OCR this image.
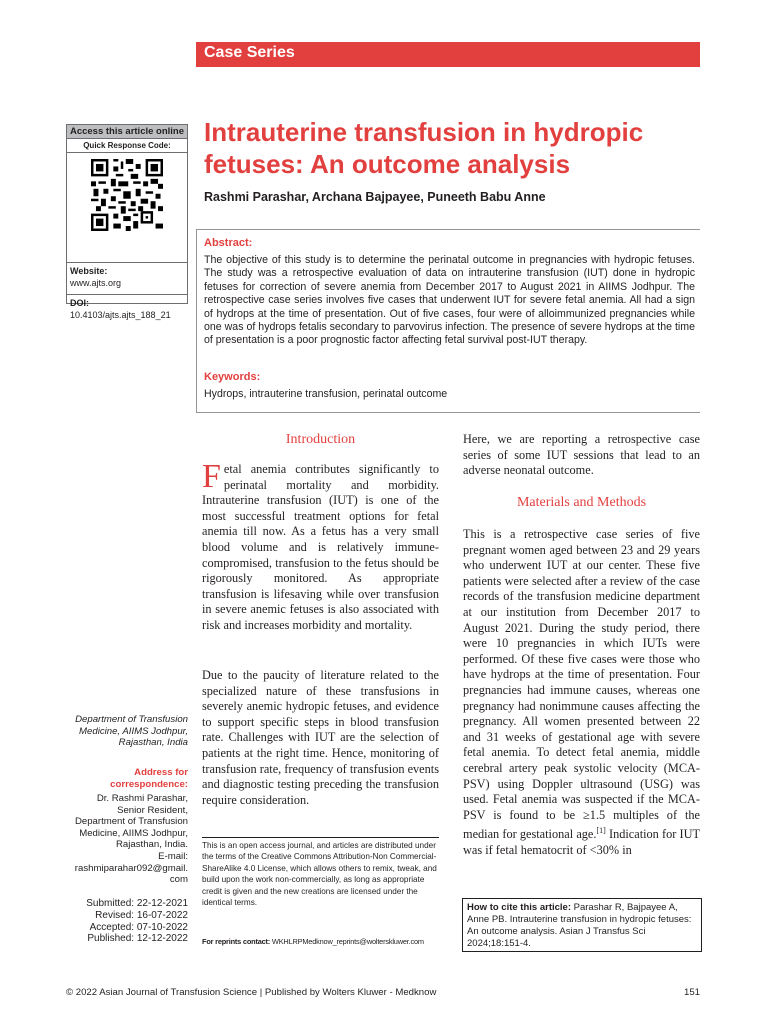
Case Series
Access this article online
Quick Response Code:
Website:
www.ajts.org
DOI:
10.4103/ajts.ajts_188_21
Intrauterine transfusion in hydropic fetuses: An outcome analysis
Rashmi Parashar, Archana Bajpayee, Puneeth Babu Anne
Abstract:

The objective of this study is to determine the perinatal outcome in pregnancies with hydropic fetuses. The study was a retrospective evaluation of data on intrauterine transfusion (IUT) done in hydropic fetuses for correction of severe anemia from December 2017 to August 2021 in AIIMS Jodhpur. The retrospective case series involves five cases that underwent IUT for severe fetal anemia. All had a sign of hydrops at the time of presentation. Out of five cases, four were of alloimmunized pregnancies while one was of hydrops fetalis secondary to parvovirus infection. The presence of severe hydrops at the time of presentation is a poor prognostic factor affecting fetal survival post-IUT therapy.

Keywords:
Hydrops, intrauterine transfusion, perinatal outcome
Introduction
Fetal anemia contributes significantly to perinatal mortality and morbidity. Intrauterine transfusion (IUT) is one of the most successful treatment options for fetal anemia till now. As a fetus has a very small blood volume and is relatively immune-compromised, transfusion to the fetus should be rigorously monitored. As appropriate transfusion is lifesaving while over transfusion in severe anemic fetuses is also associated with risk and increases morbidity and mortality.

Due to the paucity of literature related to the specialized nature of these transfusions in severely anemic hydropic fetuses, and evidence to support specific steps in blood transfusion rate. Challenges with IUT are the selection of patients at the right time. Hence, monitoring of transfusion rate, frequency of transfusion events and diagnostic testing preceding the transfusion require consideration.

Here, we are reporting a retrospective case series of some IUT sessions that lead to an adverse neonatal outcome.

Materials and Methods

This is a retrospective case series of five pregnant women aged between 23 and 29 years who underwent IUT at our center. These five patients were selected after a review of the case records of the transfusion medicine department at our institution from December 2017 to August 2021. During the study period, there were 10 pregnancies in which IUTs were performed. Of these five cases were those who have hydrops at the time of presentation. Four pregnancies had immune causes, whereas one pregnancy had nonimmune causes affecting the pregnancy. All women presented between 22 and 31 weeks of gestational age with severe fetal anemia. To detect fetal anemia, middle cerebral artery peak systolic velocity (MCA-PSV) using Doppler ultrasound (USG) was used. Fetal anemia was suspected if the MCA-PSV is found to be ≥1.5 multiples of the median for gestational age.[1] Indication for IUT was if fetal hematocrit of <30% in

Department of Transfusion Medicine, AIIMS Jodhpur, Rajasthan, India
Address for correspondence:
Dr. Rashmi Parashar,
Senior Resident,
Department of Transfusion
Medicine, AIIMS Jodhpur,
Rajasthan, India.
E-mail:
rashmiparahar092@gmail.
com
Submitted: 22-12-2021
Revised: 16-07-2022
Accepted: 07-10-2022
Published: 12-12-2022

This is an open access journal, and articles are distributed under the terms of the Creative Commons Attribution-Non Commercial-ShareAlike 4.0 License, which allows others to remix, tweak, and build upon the work non-commercially, as long as appropriate credit is given and the new creations are licensed under the identical terms.

For reprints contact: WKHLRPMedknow_reprints@wolterskluwer.com
How to cite this article: Parashar R, Bajpayee A, Anne PB. Intrauterine transfusion in hydropic fetuses: An outcome analysis. Asian J Transfus Sci 2024;18:151-4.
© 2022 Asian Journal of Transfusion Science | Published by Wolters Kluwer - Medknow	151
